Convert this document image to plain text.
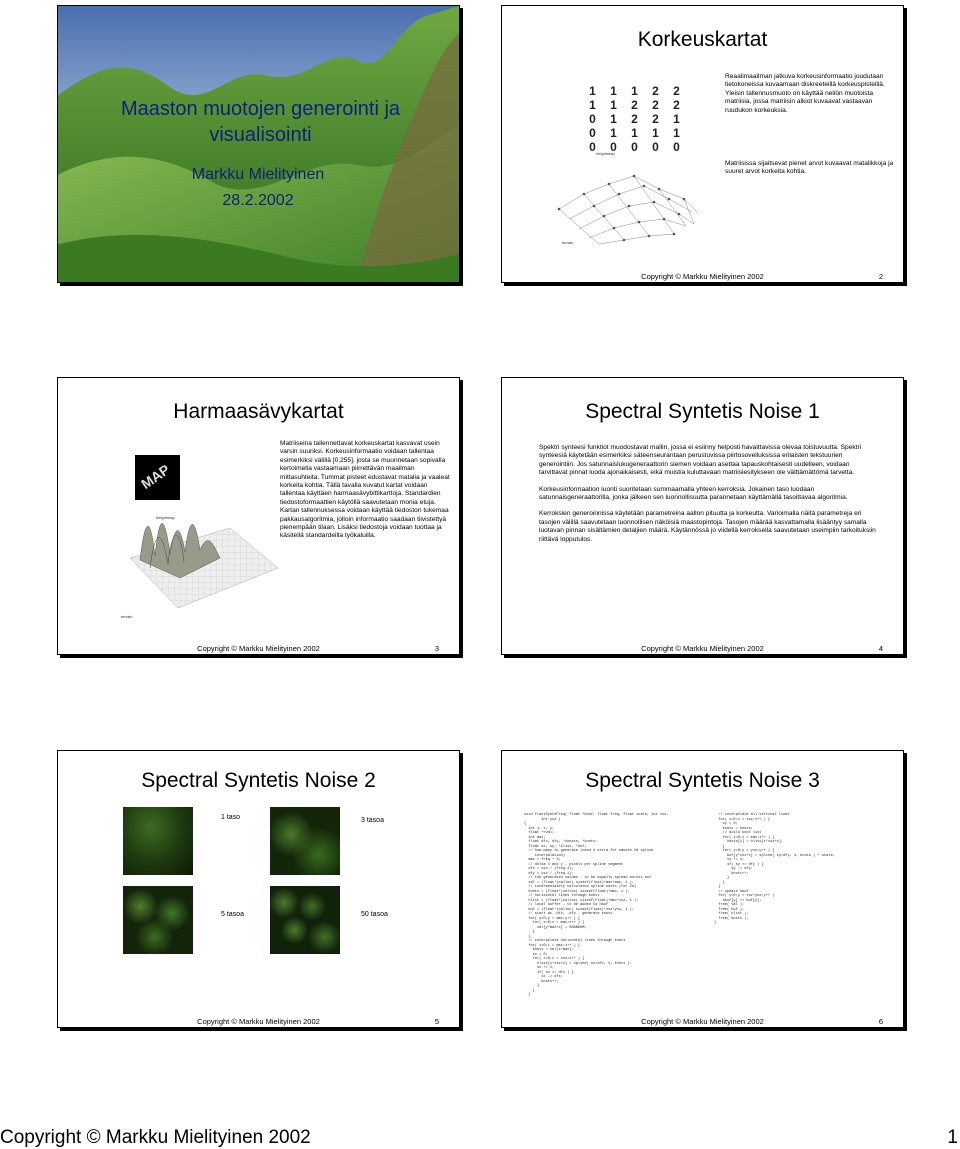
Maaston muotojen generointi ja
visualisointi
Markku Mielityinen
28.2.2002
Korkeuskartat
1	1	1	2	2
1	1	2	2	2
0	1	2	2	1
0	1	1	1	1
0	0	0	0	0
heightmap
terrain
Reaalimaailman jatkuva korkeusinformaatio joudutaan tietokoneissa kuvaamaan diskreeteillä korkeuspisteillä. Yleisin tallennusmuoto on käyttää neliön muotoista matriisia, jossa matriisin alkiot kuvaavat vastaavan ruudukon korkeuksia.
Matriisissa sijaitsevat pienet arvot kuvaavat matalikkoja ja suuret arvot korkeita kohtia.
Copyright © Markku Mielityinen 2002	2
Harmaasävykartat
MAP
heightmap
terrain
Matriiseina tallennettavat korkeuskartat kasvavat usein varsin suuriksi. Korkeusinformaatio voidaan tallentaa esimerkiksi välillä [0,255], josta se muunnetaan sopivalla kertoimella vastaamaan piirrettävän maailman mittasuhteita. Tummat pisteet edustavat matalia ja vaaleat korkeita kohtia. Tällä tavalla kuvatut kartat voidaan tallentaa käyttäen harmaasävybittikarttoja. Standardien tiedostoformaattien käytöllä saavutetaan monia etuja. Kartan tallennuksessa voidaan käyttää tiedoston tukemaa pakkausalgoritmia, jolloin informaatio saadaan tiivistettyä pienempään tilaan. Lisäksi tiedostoja voidaan tuottaa ja käsitellä standardeilla työkaluilla.
Copyright © Markku Mielityinen 2002	3
Spectral Syntetis Noise 1

Spektri synteesi funktiot muodostavat mallin, jossa ei esiinny helposti havaittavissa olevaa toistuvuutta. Spektri synteesiä käytetään esimerkiksi säteenseurantaan perustuvissa piirtosovelluksissa erilaisten tekstuurien generointiin. Jos satunnaislukugeneraattorin siemen voidaan asettaa tapauskohtaisesti uudelleen, voidaan tarvittavat pinnat luoda ajonaikaisesti, eikä muistia kuluttavaan matriisiesitykseen ole välttämättömä tarvetta.

Korkeusinformaation luonti suoritetaan summaamalla yhteen kerroksia. Jokainen taso luodaan satunnaisgeneraattorilla, jonka jälkeen sen luonnollisuutta parannetaan käyttämällä tasoittavaa algoritmia.

Kerroksien generoinnissa käytetään parametreina aallon pituutta ja korkeutta. Varioimalla näitä parametreja eri tasojen välillä saavutetaan luonnollisen näköisiä maastopintoja. Tasojen määrää kasvattamalla lisääntyy samalla luotavan pinnan sisältämien detaljien määrä. Käytännössä jo viidellä kerroksella saavutetaan useimpiin tarkoituksiin riittävä lopputulos.

Copyright © Markku Mielityinen 2002	4
Spectral Syntetis Noise 2
1 taso	3 tasoa
5 tasoa	50 tasoa
Copyright © Markku Mielityinen 2002	5
Spectral Syntetis Noise 3
void fractSynthFreq( float *hbuf, float freq, float scale, int xsz,
int ysz )
{
int i, x, y;
float *rval;
int max;
float dfx, dfy, *xknots, *knots;
float sx, sy, *klist, *buf;
// how many to generate (need 4 extra for smooth 2d spline
interpolation)
max = freq + 3;
// delta x and y - pixels per spline segment
dfx = xsz / (freq-1);
dfy = ysz / (freq-1);
// the generated values - to be equally spread across buf
val = (float*)calloc( sizeof(float)*max*max, 1 );
// intermediately calculated spline knots (for 2d)
knots = (float*)calloc( sizeof(float)*max, 1 );
// horizontal lines through knots
hlist = (float*)calloc( sizeof(float)*max*xsz, 1 );
// local buffer - to be added to hbuf
buf = (float*)calloc( sizeof(float)*xsz*ysz, 1 );
// start at -dfx, -dfy - generate knots
for( y=0;y < max;y++ ) {
for( x=0;x < max;x++ ) {
val[y*max+x] = SRANDOM;
}
}
// interpolate horizontal lines through knots
for( i=0;i < max;i++ ) {
knots = val[i*max];
sx = 0;
for( x=0;x < xsz;x++ ) {
hlist[i*xsz+x] = spline( sx/dfx, 4, knots );
sx += 1;
if( sx >= dfx ) {
sx -= dfx;
knots++;
}
}
}
// interpolate all vertical lines
for( x=0;x < xsz;x++ ) {
sy = 0;
knots = knots;
// build knot list
for( i=0;i < max;i++ ) {
knots[i] = hlist[i*xsz+x];
}
for( y=0;y < ysz;y++ ) {
buf[y*xsz+x] = spline( sy/dfy, 4, knots ) * scale;
sy += 1;
if( sy >= dfy ) {
sy -= dfy;
knots++;
}
}
}
// update hbuf
for( y=0;y < xsz*ysz;y++ )
hbuf[y] += buf[y];
free( val );
free( buf );
free( hlist );
free( knots );
}
Copyright © Markku Mielityinen 2002	6
Copyright © Markku Mielityinen 2002	1
